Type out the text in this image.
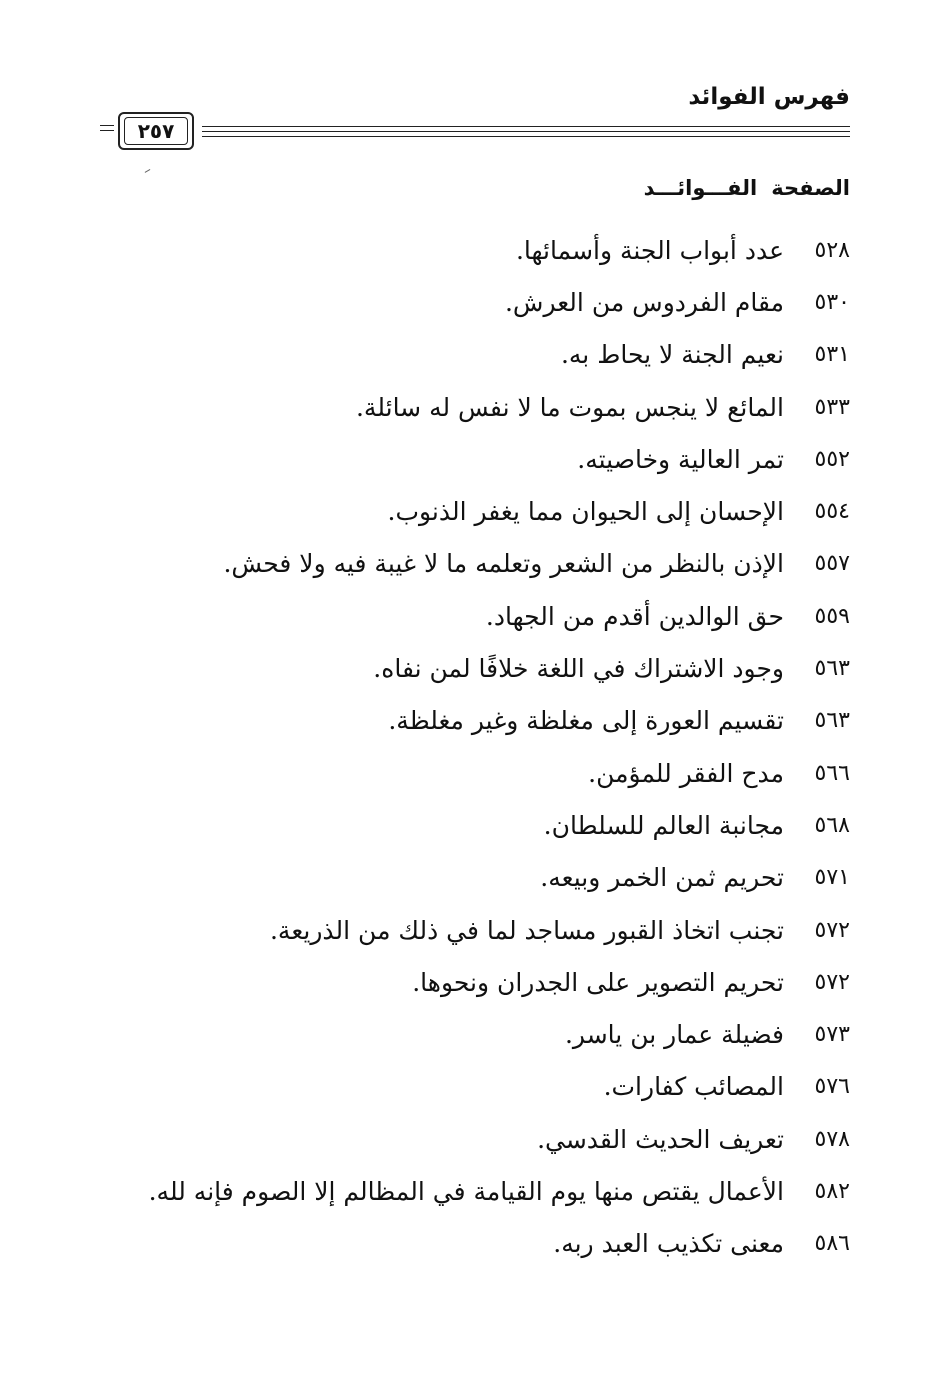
فهرس الفوائد
٢٥٧
الصفحةالفـــوائـــد
٥٢٨
عدد أبواب الجنة وأسمائها.
٥٣٠
مقام الفردوس من العرش.
٥٣١
نعيم الجنة لا يحاط به.
٥٣٣
المائع لا ينجس بموت ما لا نفس له سائلة.
٥٥٢
تمر العالية وخاصيته.
٥٥٤
الإحسان إلى الحيوان مما يغفر الذنوب.
٥٥٧
الإذن بالنظر من الشعر وتعلمه ما لا غيبة فيه ولا فحش.
٥٥٩
حق الوالدين أقدم من الجهاد.
٥٦٣
وجود الاشتراك في اللغة خلافًا لمن نفاه.
٥٦٣
تقسيم العورة إلى مغلظة وغير مغلظة.
٥٦٦
مدح الفقر للمؤمن.
٥٦٨
مجانبة العالم للسلطان.
٥٧١
تحريم ثمن الخمر وبيعه.
٥٧٢
تجنب اتخاذ القبور مساجد لما في ذلك من الذريعة.
٥٧٢
تحريم التصوير على الجدران ونحوها.
٥٧٣
فضيلة عمار بن ياسر.
٥٧٦
المصائب كفارات.
٥٧٨
تعريف الحديث القدسي.
٥٨٢
الأعمال يقتص منها يوم القيامة في المظالم إلا الصوم فإنه لله.
٥٨٦
معنى تكذيب العبد ربه.
